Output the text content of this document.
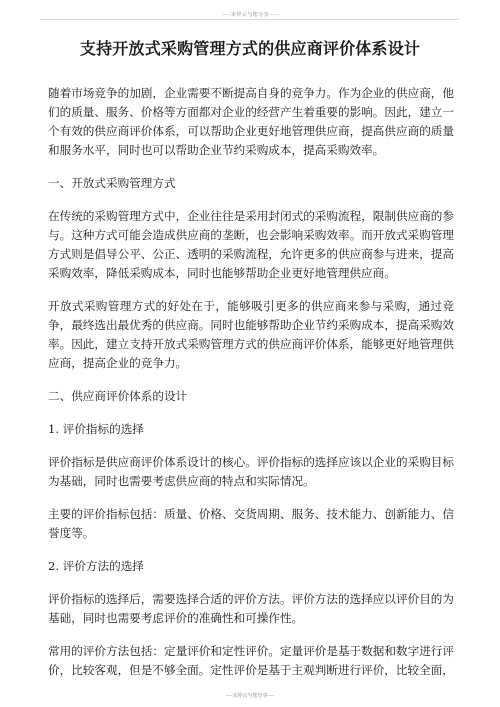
----宋停云与您分享----
支持开放式采购管理方式的供应商评价体系设计
随着市场竞争的加剧，企业需要不断提高自身的竞争力。作为企业的供应商，他们的质量、服务、价格等方面都对企业的经营产生着重要的影响。因此，建立一个有效的供应商评价体系，可以帮助企业更好地管理供应商，提高供应商的质量和服务水平，同时也可以帮助企业节约采购成本，提高采购效率。
一、开放式采购管理方式
在传统的采购管理方式中，企业往往是采用封闭式的采购流程，限制供应商的参与。这种方式可能会造成供应商的垄断，也会影响采购效率。而开放式采购管理方式则是倡导公平、公正、透明的采购流程，允许更多的供应商参与进来，提高采购效率，降低采购成本，同时也能够帮助企业更好地管理供应商。
开放式采购管理方式的好处在于，能够吸引更多的供应商来参与采购，通过竞争，最终选出最优秀的供应商。同时也能够帮助企业节约采购成本，提高采购效率。因此，建立支持开放式采购管理方式的供应商评价体系，能够更好地管理供应商，提高企业的竞争力。
二、供应商评价体系的设计
1. 评价指标的选择
评价指标是供应商评价体系设计的核心。评价指标的选择应该以企业的采购目标为基础，同时也需要考虑供应商的特点和实际情况。
主要的评价指标包括：质量、价格、交货周期、服务、技术能力、创新能力、信誉度等。
2. 评价方法的选择
评价指标的选择后，需要选择合适的评价方法。评价方法的选择应以评价目的为基础，同时也需要考虑评价的准确性和可操作性。
常用的评价方法包括：定量评价和定性评价。定量评价是基于数据和数字进行评价，比较客观，但是不够全面。定性评价是基于主观判断进行评价，比较全面，
----宋停云与您分享----
